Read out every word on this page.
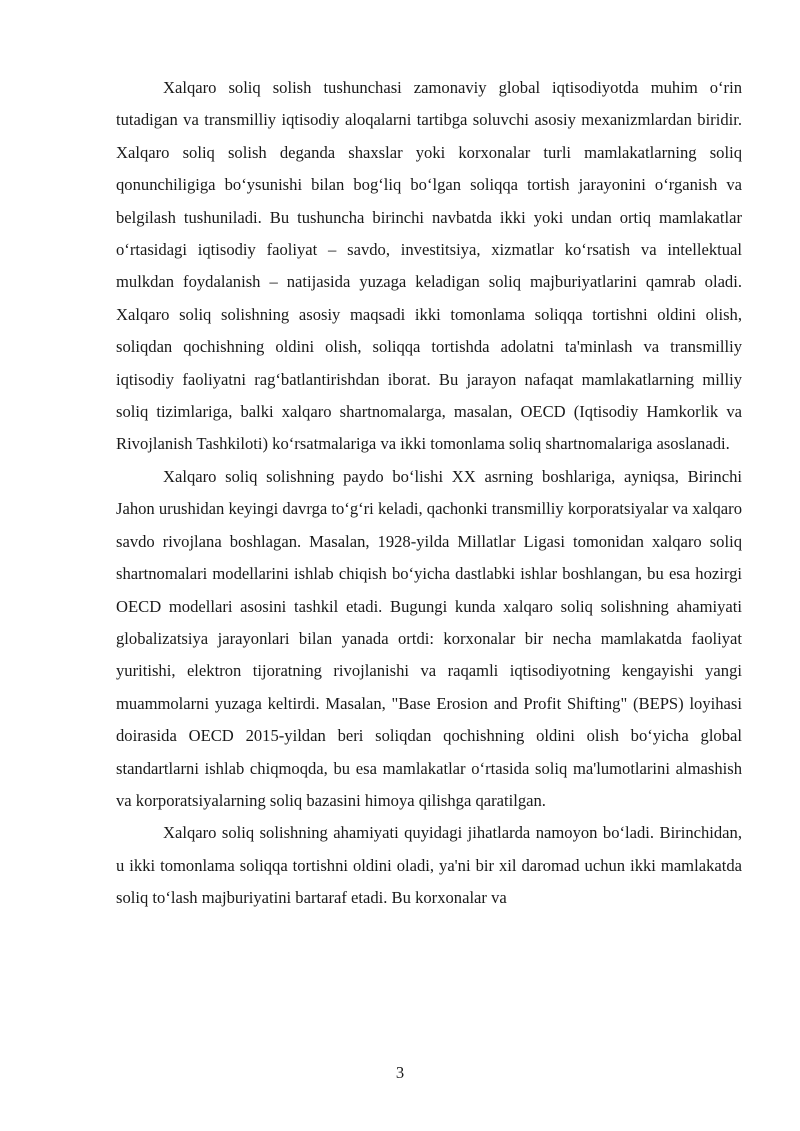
Xalqaro soliq solish tushunchasi zamonaviy global iqtisodiyotda muhim o‘rin tutadigan va transmilliy iqtisodiy aloqalarni tartibga soluvchi asosiy mexanizmlardan biridir. Xalqaro soliq solish deganda shaxslar yoki korxonalar turli mamlakatlarning soliq qonunchiligiga bo‘ysunishi bilan bog‘liq bo‘lgan soliqqa tortish jarayonini o‘rganish va belgilash tushuniladi. Bu tushuncha birinchi navbatda ikki yoki undan ortiq mamlakatlar o‘rtasidagi iqtisodiy faoliyat – savdo, investitsiya, xizmatlar ko‘rsatish va intellektual mulkdan foydalanish – natijasida yuzaga keladigan soliq majburiyatlarini qamrab oladi. Xalqaro soliq solishning asosiy maqsadi ikki tomonlama soliqqa tortishni oldini olish, soliqdan qochishning oldini olish, soliqqa tortishda adolatni ta'minlash va transmilliy iqtisodiy faoliyatni rag‘batlantirishdan iborat. Bu jarayon nafaqat mamlakatlarning milliy soliq tizimlariga, balki xalqaro shartnomalarga, masalan, OECD (Iqtisodiy Hamkorlik va Rivojlanish Tashkiloti) ko‘rsatmalariga va ikki tomonlama soliq shartnomalariga asoslanadi.

Xalqaro soliq solishning paydo bo‘lishi XX asrning boshlariga, ayniqsa, Birinchi Jahon urushidan keyingi davrga to‘g‘ri keladi, qachonki transmilliy korporatsiyalar va xalqaro savdo rivojlana boshlagan. Masalan, 1928-yilda Millatlar Ligasi tomonidan xalqaro soliq shartnomalari modellarini ishlab chiqish bo‘yicha dastlabki ishlar boshlangan, bu esa hozirgi OECD modellari asosini tashkil etadi. Bugungi kunda xalqaro soliq solishning ahamiyati globalizatsiya jarayonlari bilan yanada ortdi: korxonalar bir necha mamlakatda faoliyat yuritishi, elektron tijoratning rivojlanishi va raqamli iqtisodiyotning kengayishi yangi muammolarni yuzaga keltirdi. Masalan, "Base Erosion and Profit Shifting" (BEPS) loyihasi doirasida OECD 2015-yildan beri soliqdan qochishning oldini olish bo‘yicha global standartlarni ishlab chiqmoqda, bu esa mamlakatlar o‘rtasida soliq ma'lumotlarini almashish va korporatsiyalarning soliq bazasini himoya qilishga qaratilgan.

Xalqaro soliq solishning ahamiyati quyidagi jihatlarda namoyon bo‘ladi. Birinchidan, u ikki tomonlama soliqqa tortishni oldini oladi, ya'ni bir xil daromad uchun ikki mamlakatda soliq to‘lash majburiyatini bartaraf etadi. Bu korxonalar va

3
